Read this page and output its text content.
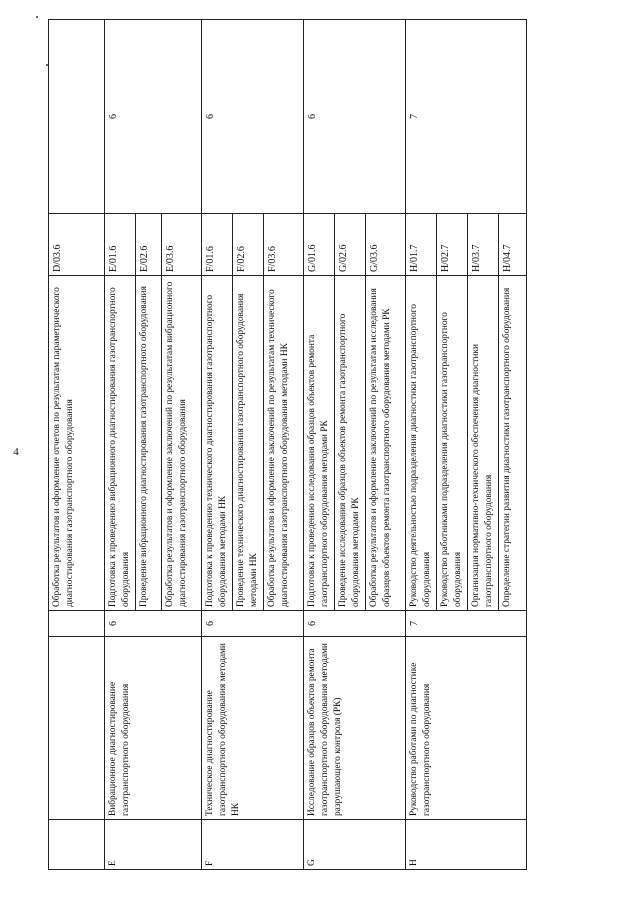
4
				Обработка результатов и оформление отчетов по результатам параметрического диагностирования газотранспортного оборудования	D/03.6	
E	Вибрационное диагностирование газотранспортного оборудования	6	Подготовка к проведению вибрационного диагностирования газотранспортного оборудования	E/01.6	6
			Проведение вибрационного диагностирования газотранспортного оборудования	E/02.6	
			Обработка результатов и оформление заключений по результатам вибрационного диагностирования газотранспортного оборудования	E/03.6	
F	Техническое диагностирование газотранспортного оборудования методами НК	6	Подготовка к проведению технического диагностирования газотранспортного оборудования методами НК	F/01.6	6
			Проведение технического диагностирования газотранспортного оборудования методами НК	F/02.6	
			Обработка результатов и оформление заключений по результатам технического диагностирования газотранспортного оборудования методами НК	F/03.6	
G	Исследование образцов объектов ремонта газотранспортного оборудования методами разрушающего контроля (РК)	6	Подготовка к проведению исследования образцов объектов ремонта газотранспортного оборудования методами РК	G/01.6	6
			Проведение исследования образцов объектов ремонта газотранспортного оборудования методами РК	G/02.6	
			Обработка результатов и оформление заключений по результатам исследования образцов объектов ремонта газотранспортного оборудования методами РК	G/03.6	
H	Руководство работами по диагностике газотранспортного оборудования	7	Руководство деятельностью подразделения диагностики газотранспортного оборудования	H/01.7	7
			Руководство работниками подразделения диагностики газотранспортного оборудования	H/02.7	
			Организация нормативно-технического обеспечения диагностики газотранспортного оборудования	H/03.7	
			Определение стратегии развития диагностики газотранспортного оборудования	H/04.7	
